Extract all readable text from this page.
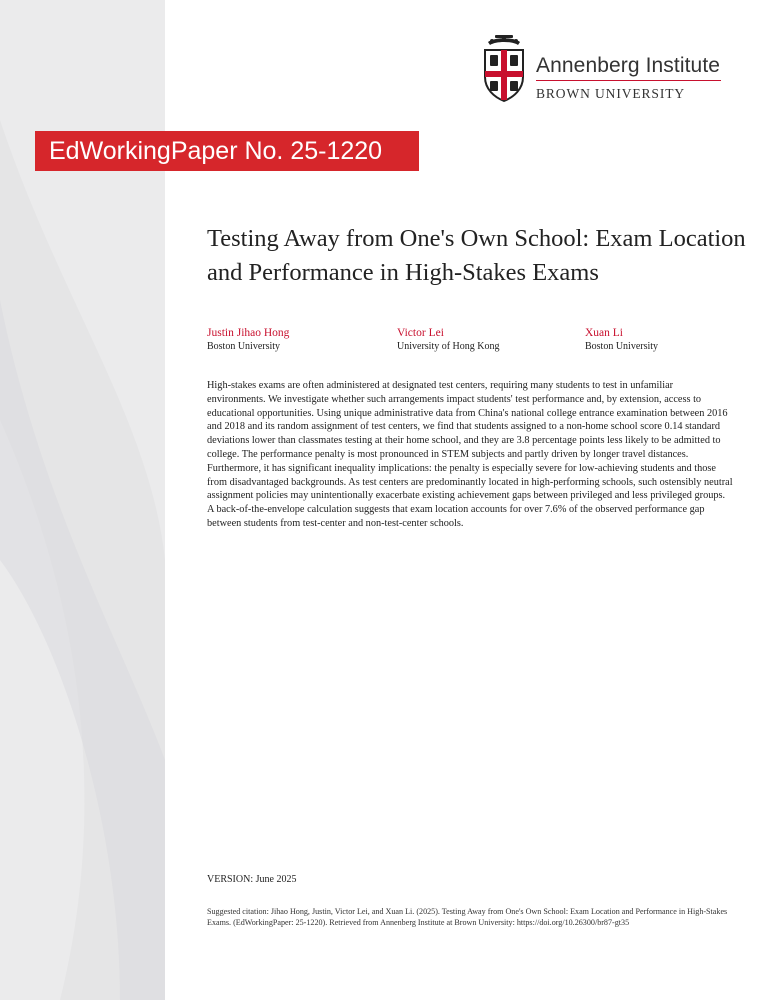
Annenberg Institute
BROWN UNIVERSITY
EdWorkingPaper No. 25-1220
Testing Away from One's Own School: Exam Location and Performance in High-Stakes Exams
Justin Jihao Hong
Boston University
Victor Lei
University of Hong Kong
Xuan Li
Boston University

High-stakes exams are often administered at designated test centers, requiring many students to test in unfamiliar environments. We investigate whether such arrangements impact students' test performance and, by extension, access to educational opportunities. Using unique administrative data from China's national college entrance examination between 2016 and 2018 and its random assignment of test centers, we find that students assigned to a non-home school score 0.14 standard deviations lower than classmates testing at their home school, and they are 3.8 percentage points less likely to be admitted to college. The performance penalty is most pronounced in STEM subjects and partly driven by longer travel distances. Furthermore, it has significant inequality implications: the penalty is especially severe for low-achieving students and those from disadvantaged backgrounds. As test centers are predominantly located in high-performing schools, such ostensibly neutral assignment policies may unintentionally exacerbate existing achievement gaps between privileged and less privileged groups. A back-of-the-envelope calculation suggests that exam location accounts for over 7.6% of the observed performance gap between students from test-center and non-test-center schools.

VERSION: June 2025

Suggested citation: Jihao Hong, Justin, Victor Lei, and Xuan Li. (2025). Testing Away from One's Own School: Exam Location and Performance in High-Stakes Exams. (EdWorkingPaper: 25-1220). Retrieved from Annenberg Institute at Brown University: https://doi.org/10.26300/br87-gt35
